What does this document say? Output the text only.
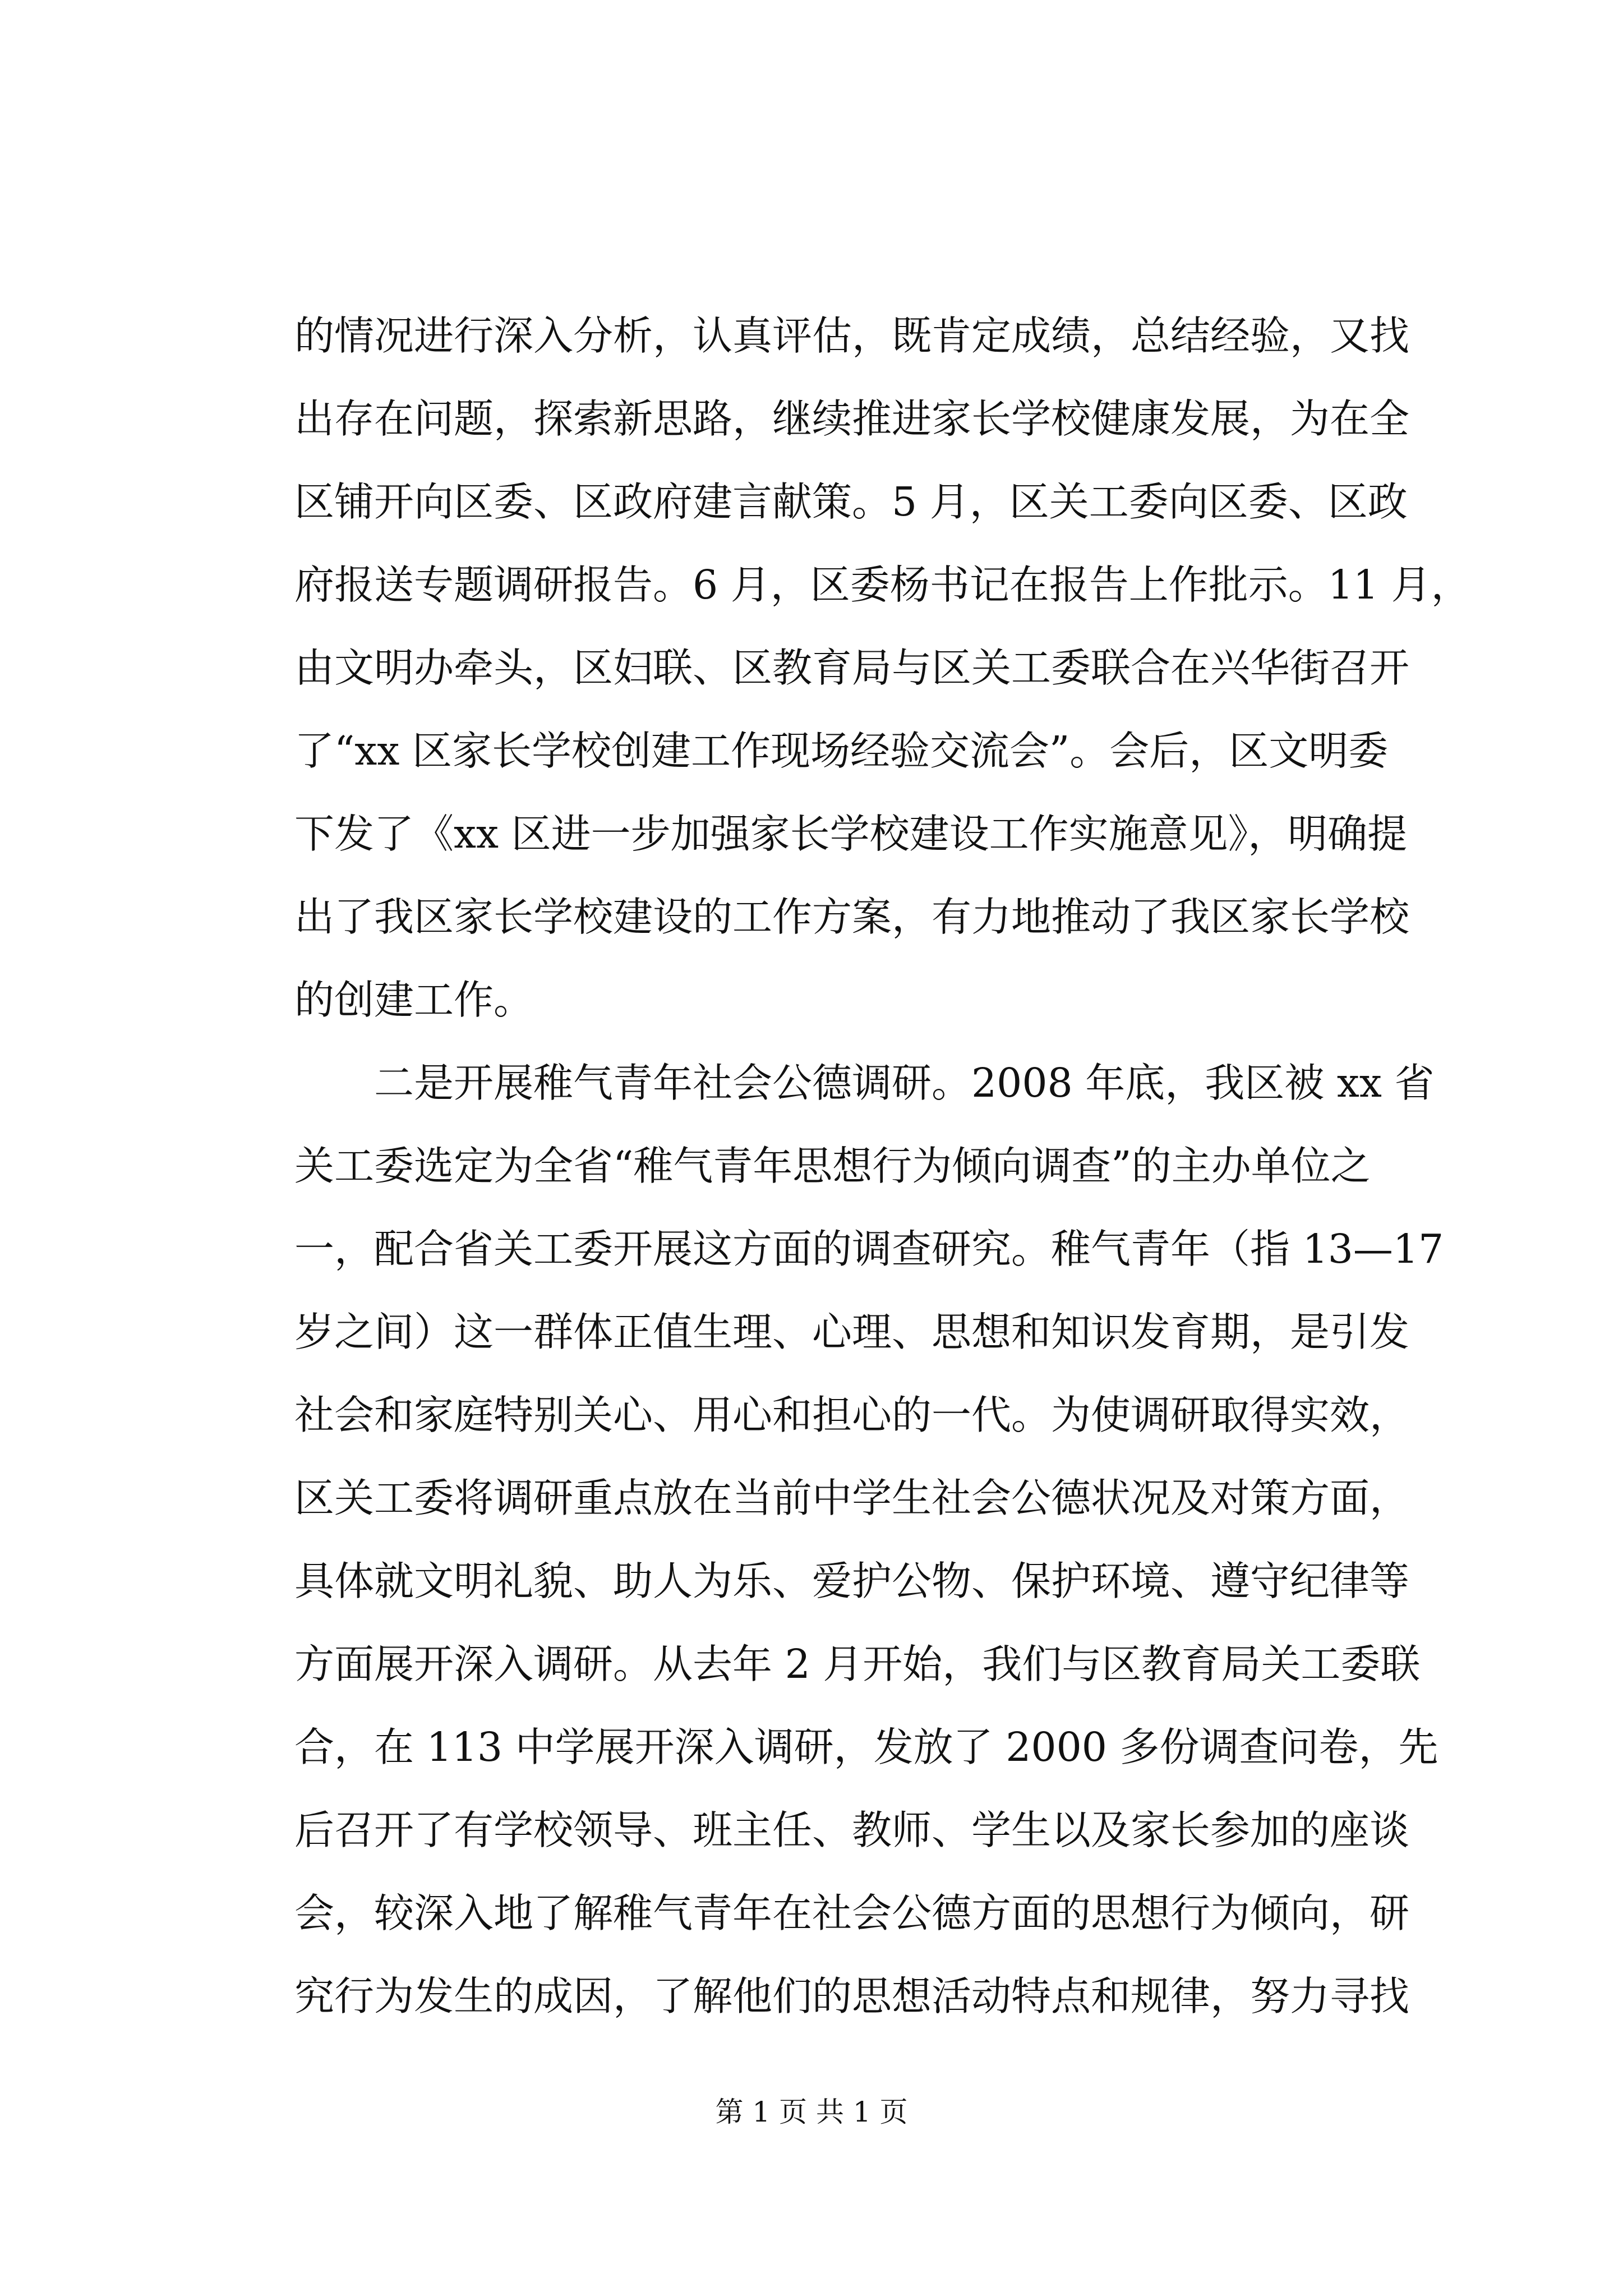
的情况进行深入分析，认真评估，既肯定成绩，总结经验，又找
出存在问题，探索新思路，继续推进家长学校健康发展，为在全
区铺开向区委、区政府建言献策。5 月，区关工委向区委、区政
府报送专题调研报告。6 月，区委杨书记在报告上作批示。11 月，
由文明办牵头，区妇联、区教育局与区关工委联合在兴华街召开
了“xx 区家长学校创建工作现场经验交流会”。会后，区文明委
下发了《xx 区进一步加强家长学校建设工作实施意见》，明确提
出了我区家长学校建设的工作方案，有力地推动了我区家长学校
的创建工作。
二是开展稚气青年社会公德调研。2008 年底，我区被 xx 省
关工委选定为全省“稚气青年思想行为倾向调查”的主办单位之
一，配合省关工委开展这方面的调查研究。稚气青年（指 13—17
岁之间）这一群体正值生理、心理、思想和知识发育期，是引发
社会和家庭特别关心、用心和担心的一代。为使调研取得实效，
区关工委将调研重点放在当前中学生社会公德状况及对策方面，
具体就文明礼貌、助人为乐、爱护公物、保护环境、遵守纪律等
方面展开深入调研。从去年 2 月开始，我们与区教育局关工委联
合，在 113 中学展开深入调研，发放了 2000 多份调查问卷，先
后召开了有学校领导、班主任、教师、学生以及家长参加的座谈
会，较深入地了解稚气青年在社会公德方面的思想行为倾向，研
究行为发生的成因，了解他们的思想活动特点和规律，努力寻找
第 1 页 共 1 页
